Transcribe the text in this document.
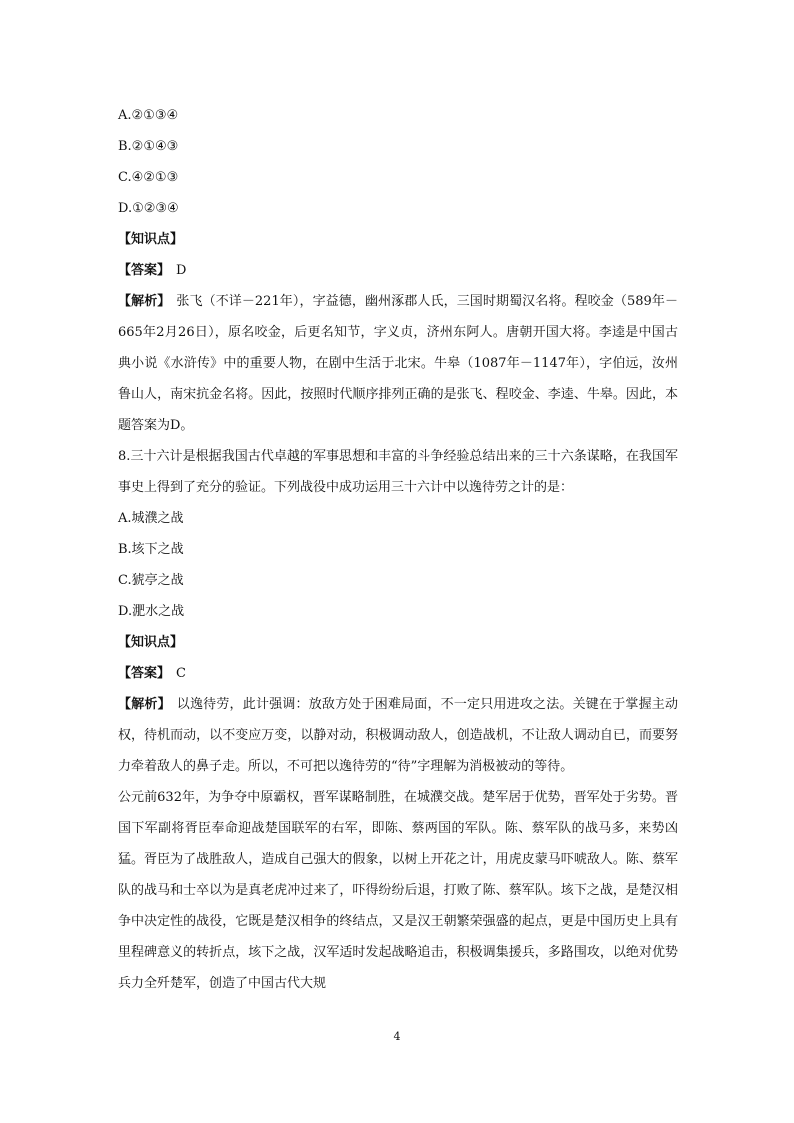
A.②①③④
B.②①④③
C.④②①③
D.①②③④
【知识点】
【答案】 D
【解析】 张飞（不详－221年），字益德，幽州涿郡人氏，三国时期蜀汉名将。程咬金（589年－665年2月26日），原名咬金，后更名知节，字义贞，济州东阿人。唐朝开国大将。李逵是中国古典小说《水浒传》中的重要人物，在剧中生活于北宋。牛皋（1087年－1147年），字伯远，汝州鲁山人，南宋抗金名将。因此，按照时代顺序排列正确的是张飞、程咬金、李逵、牛皋。因此，本题答案为D。
8.三十六计是根据我国古代卓越的军事思想和丰富的斗争经验总结出来的三十六条谋略，在我国军事史上得到了充分的验证。下列战役中成功运用三十六计中以逸待劳之计的是：
A.城濮之战
B.垓下之战
C.猇亭之战
D.淝水之战
【知识点】
【答案】 C
【解析】 以逸待劳，此计强调：放敌方处于困难局面，不一定只用进攻之法。关键在于掌握主动权，待机而动，以不变应万变，以静对动，积极调动敌人，创造战机，不让敌人调动自已，而要努力牵着敌人的鼻子走。所以，不可把以逸待劳的“待”字理解为消极被动的等待。
公元前632年，为争夺中原霸权，晋军谋略制胜，在城濮交战。楚军居于优势，晋军处于劣势。晋国下军副将胥臣奉命迎战楚国联军的右军，即陈、蔡两国的军队。陈、蔡军队的战马多，来势凶猛。胥臣为了战胜敌人，造成自己强大的假象，以树上开花之计，用虎皮蒙马吓唬敌人。陈、蔡军队的战马和士卒以为是真老虎冲过来了，吓得纷纷后退，打败了陈、蔡军队。垓下之战，是楚汉相争中决定性的战役，它既是楚汉相争的终结点，又是汉王朝繁荣强盛的起点，更是中国历史上具有里程碑意义的转折点，垓下之战，汉军适时发起战略追击，积极调集援兵，多路围攻，以绝对优势兵力全歼楚军，创造了中国古代大规
4
